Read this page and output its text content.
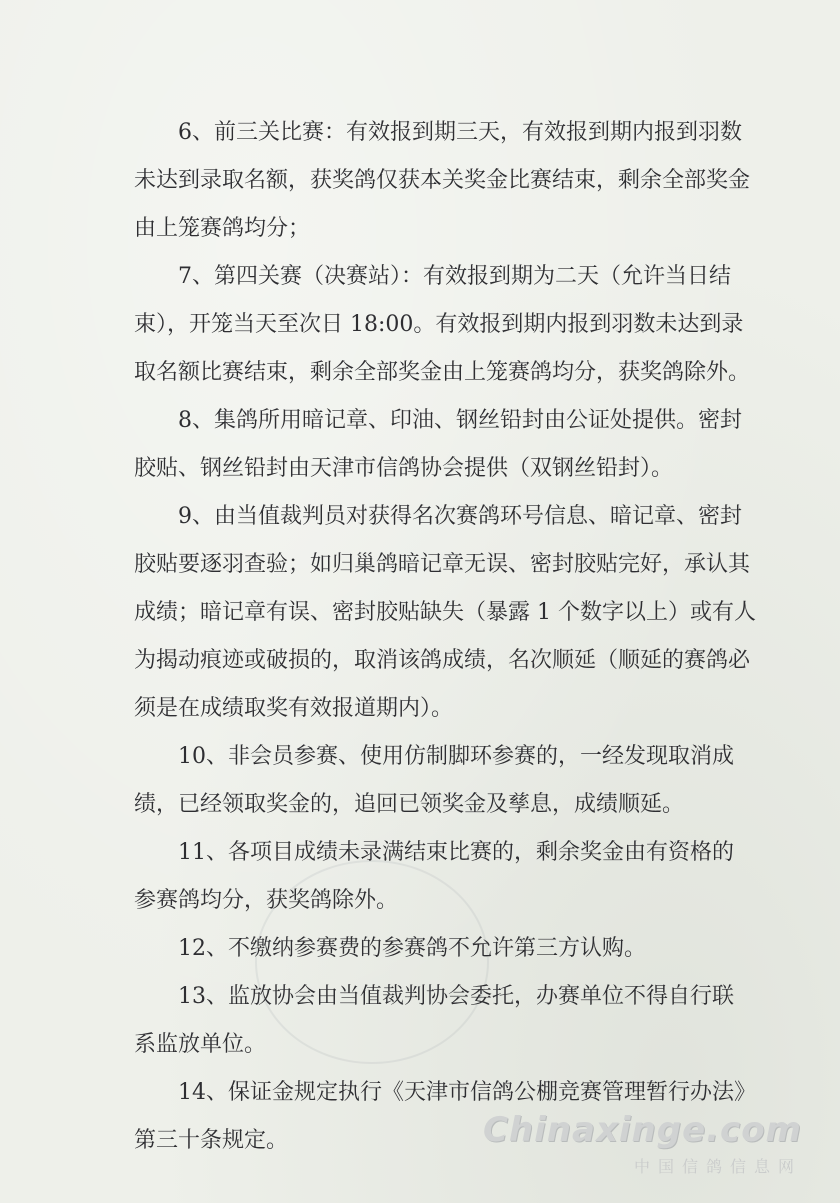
6、前三关比赛：有效报到期三天，有效报到期内报到羽数
未达到录取名额，获奖鸽仅获本关奖金比赛结束，剩余全部奖金
由上笼赛鸽均分；
7、第四关赛（决赛站）：有效报到期为二天（允许当日结
束），开笼当天至次日 18:00。有效报到期内报到羽数未达到录
取名额比赛结束，剩余全部奖金由上笼赛鸽均分，获奖鸽除外。
8、集鸽所用暗记章、印油、钢丝铅封由公证处提供。密封
胶贴、钢丝铅封由天津市信鸽协会提供（双钢丝铅封）。
9、由当值裁判员对获得名次赛鸽环号信息、暗记章、密封
胶贴要逐羽查验；如归巢鸽暗记章无误、密封胶贴完好，承认其
成绩；暗记章有误、密封胶贴缺失（暴露 1 个数字以上）或有人
为揭动痕迹或破损的，取消该鸽成绩，名次顺延（顺延的赛鸽必
须是在成绩取奖有效报道期内）。
10、非会员参赛、使用仿制脚环参赛的，一经发现取消成
绩，已经领取奖金的，追回已领奖金及孳息，成绩顺延。
11、各项目成绩未录满结束比赛的，剩余奖金由有资格的
参赛鸽均分，获奖鸽除外。
12、不缴纳参赛费的参赛鸽不允许第三方认购。
13、监放协会由当值裁判协会委托，办赛单位不得自行联
系监放单位。
14、保证金规定执行《天津市信鸽公棚竞赛管理暂行办法》
第三十条规定。	Chinaxinge.com
中国信鸽信息网
